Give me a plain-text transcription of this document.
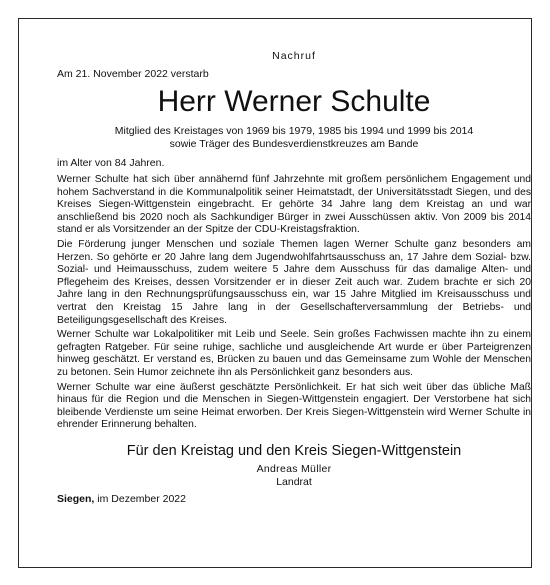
Nachruf

Am 21. November 2022 verstarb

Herr Werner Schulte

Mitglied des Kreistages von 1969 bis 1979, 1985 bis 1994 und 1999 bis 2014

sowie Träger des Bundesverdienstkreuzes am Bande

im Alter von 84 Jahren.

Werner Schulte hat sich über annähernd fünf Jahrzehnte mit großem persönlichem Engagement und hohem Sachverstand in die Kommunalpolitik seiner Heimatstadt, der Universitätsstadt Siegen, und des Kreises Siegen-Wittgenstein eingebracht. Er gehörte 34 Jahre lang dem Kreistag an und war anschließend bis 2020 noch als Sachkundiger Bürger in zwei Ausschüssen aktiv. Von 2009 bis 2014 stand er als Vorsitzender an der Spitze der CDU-Kreistagsfraktion.

Die Förderung junger Menschen und soziale Themen lagen Werner Schulte ganz besonders am Herzen. So gehörte er 20 Jahre lang dem Jugendwohlfahrtsausschuss an, 17 Jahre dem Sozial- bzw. Sozial- und Heimausschuss, zudem weitere 5 Jahre dem Ausschuss für das damalige Alten- und Pflegeheim des Kreises, dessen Vorsitzender er in dieser Zeit auch war. Zudem brachte er sich 20 Jahre lang in den Rechnungsprüfungsausschuss ein, war 15 Jahre Mitglied im Kreisausschuss und vertrat den Kreistag 15 Jahre lang in der Gesellschafterversammlung der Betriebs- und Beteiligungsgesellschaft des Kreises.

Werner Schulte war Lokalpolitiker mit Leib und Seele. Sein großes Fachwissen machte ihn zu einem gefragten Ratgeber. Für seine ruhige, sachliche und ausgleichende Art wurde er über Parteigrenzen hinweg geschätzt. Er verstand es, Brücken zu bauen und das Gemeinsame zum Wohle der Menschen zu betonen. Sein Humor zeichnete ihn als Persönlichkeit ganz besonders aus.

Werner Schulte war eine äußerst geschätzte Persönlichkeit. Er hat sich weit über das übliche Maß hinaus für die Region und die Menschen in Siegen-Wittgenstein engagiert. Der Verstorbene hat sich bleibende Verdienste um seine Heimat erworben. Der Kreis Siegen-Wittgenstein wird Werner Schulte in ehrender Erinnerung behalten.

Für den Kreistag und den Kreis Siegen-Wittgenstein

Andreas Müller

Landrat

Siegen, im Dezember 2022
